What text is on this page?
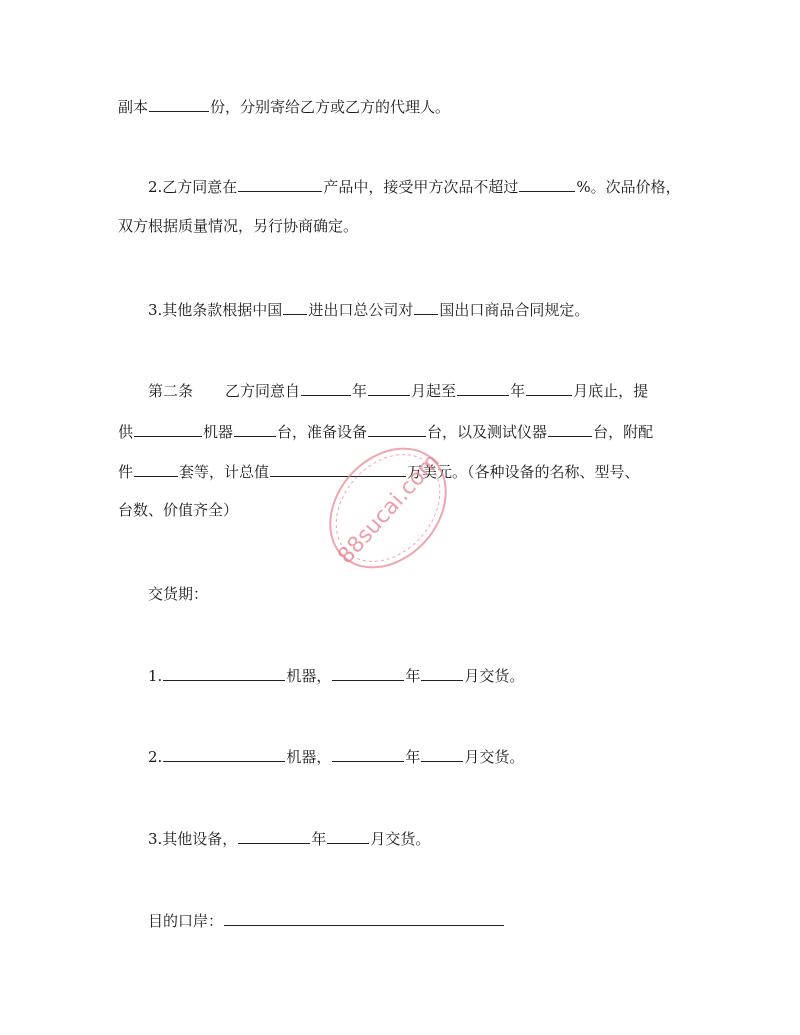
副本	份，分别寄给乙方或乙方的代理人。
2.乙方同意在	产品中，接受甲方次品不超过	%。次品价格，
双方根据质量情况，另行协商确定。
3.其他条款根据中国 进出口总公司对 国出口商品合同规定。
第二条 乙方同意自	年	月起至	年	月底止，提
供	机器	台，准备设备	台，以及测试仪器	台，附配
件	套等，计总值	万美元。（各种设备的名称、型号、
台数、价值齐全）
交货期：
1.	机器，	年	月交货。
2.	机器，	年	月交货。
3.其他设备，	年	月交货。
目的口岸：
88sucai.com
